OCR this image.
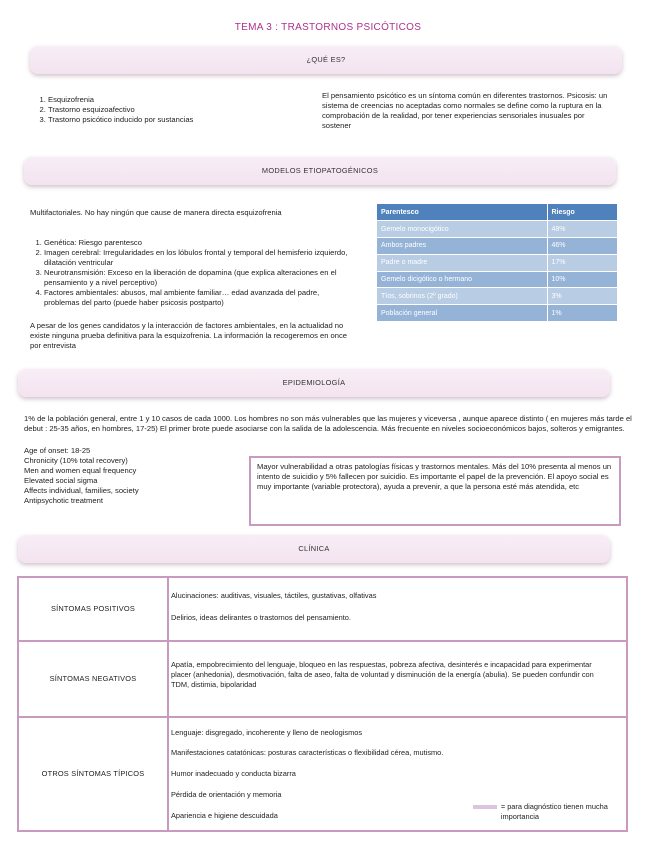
TEMA 3 : TRASTORNOS PSICÓTICOS
¿QUÉ ES?
1. Esquizofrenia
2. Trastorno esquizoafectivo
3. Trastorno psicótico inducido por sustancias
El pensamiento psicótico es un síntoma común en diferentes trastornos. Psicosis: un sistema de creencias no aceptadas como normales se define como la ruptura en la comprobación de la realidad, por tener experiencias sensoriales inusuales por sostener
MODELOS ETIOPATOGÉNICOS
Multifactoriales. No hay ningún que cause de manera directa esquizofrenia
1. Genética: Riesgo parentesco
2. Imagen cerebral: Irregularidades en los lóbulos frontal y temporal del hemisferio izquierdo, dilatación ventricular
3. Neurotransmisión: Exceso en la liberación de dopamina (que explica alteraciones en el pensamiento y a nivel perceptivo)
4. Factores ambientales: abusos, mal ambiente familiar… edad avanzada del padre, problemas del parto (puede haber psicosis postparto)
A pesar de los genes candidatos y la interacción de factores ambientales, en la actualidad no existe ninguna prueba definitiva para la esquizofrenia. La información la recogeremos en once por entrevista
Parentesco	Riesgo
Gemelo monocigótico	48%
Ambos padres	46%
Padre o madre	17%
Gemelo dicigótico o hermano	10%
Tíos, sobrinos (2º grado)	3%
Población general	1%
EPIDEMIOLOGÍA
1% de la población general, entre 1 y 10 casos de cada 1000. Los hombres no son más vulnerables que las mujeres y viceversa , aunque aparece distinto ( en mujeres más tarde el debut : 25-35 años, en hombres, 17-25) El primer brote puede asociarse con la salida de la adolescencia. Más frecuente en niveles socioeconómicos bajos, solteros y emigrantes.
Age of onset: 18-25
Chronicity (10% total recovery)
Men and women equal frequency
Elevated social sigma
Affects individual, families, society
Antipsychotic treatment
Mayor vulnerabilidad a otras patologías físicas y trastornos mentales. Más del 10% presenta al menos un intento de suicidio y 5% fallecen por suicidio. Es importante el papel de la prevención. El apoyo social es muy importante (variable protectora), ayuda a prevenir, a que la persona esté más atendida, etc
CLÍNICA
SÍNTOMAS POSITIVOS
Alucinaciones: auditivas, visuales, táctiles, gustativas, olfativas
Delirios, ideas delirantes o trastornos del pensamiento.
SÍNTOMAS NEGATIVOS
Apatía, empobrecimiento del lenguaje, bloqueo en las respuestas, pobreza afectiva, desinterés e incapacidad para experimentar placer (anhedonia), desmotivación, falta de aseo, falta de voluntad y disminución de la energía (abulia). Se pueden confundir con TDM, distimia, bipolaridad
OTROS SÍNTOMAS TÍPICOS
Lenguaje: disgregado, incoherente y lleno de neologismos
Manifestaciones catatónicas: posturas características o flexibilidad cérea, mutismo.
Humor inadecuado y conducta bizarra
Pérdida de orientación y memoria
Apariencia e higiene descuidada
= para diagnóstico tienen mucha importancia
